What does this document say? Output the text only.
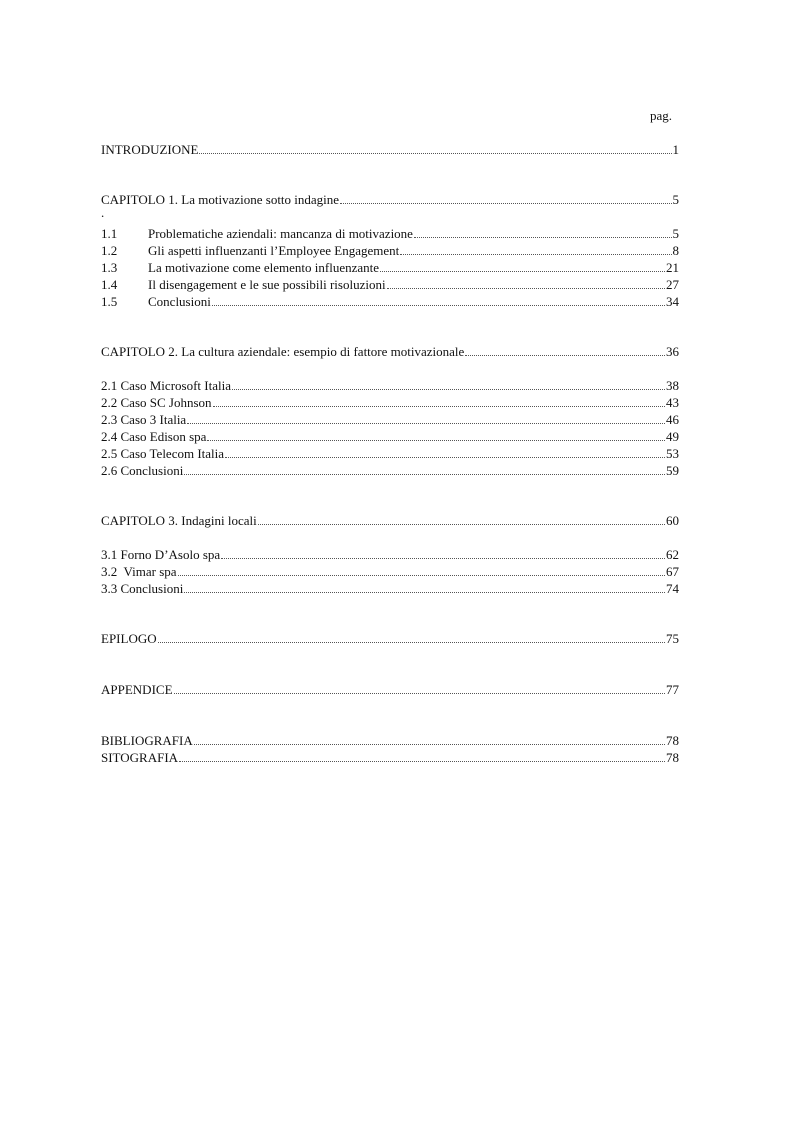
pag.
INTRODUZIONE	1
CAPITOLO 1. La motivazione sotto indagine	5
.
1.1	Problematiche aziendali: mancanza di motivazione	5
1.2	Gli aspetti influenzanti l’Employee Engagement	8
1.3	La motivazione come elemento influenzante	21
1.4	Il disengagement e le sue possibili risoluzioni	27
1.5	Conclusioni	34
CAPITOLO 2. La cultura aziendale: esempio di fattore motivazionale	36
2.1 Caso Microsoft Italia	38
2.2 Caso SC Johnson	43
2.3 Caso 3 Italia	46
2.4 Caso Edison spa	49
2.5 Caso Telecom Italia	53
2.6 Conclusioni	59
CAPITOLO 3. Indagini locali	60
3.1 Forno D’Asolo spa	62
3.2  Vimar spa	67
3.3 Conclusioni	74
EPILOGO	75
APPENDICE	77
BIBLIOGRAFIA	78
SITOGRAFIA	78
